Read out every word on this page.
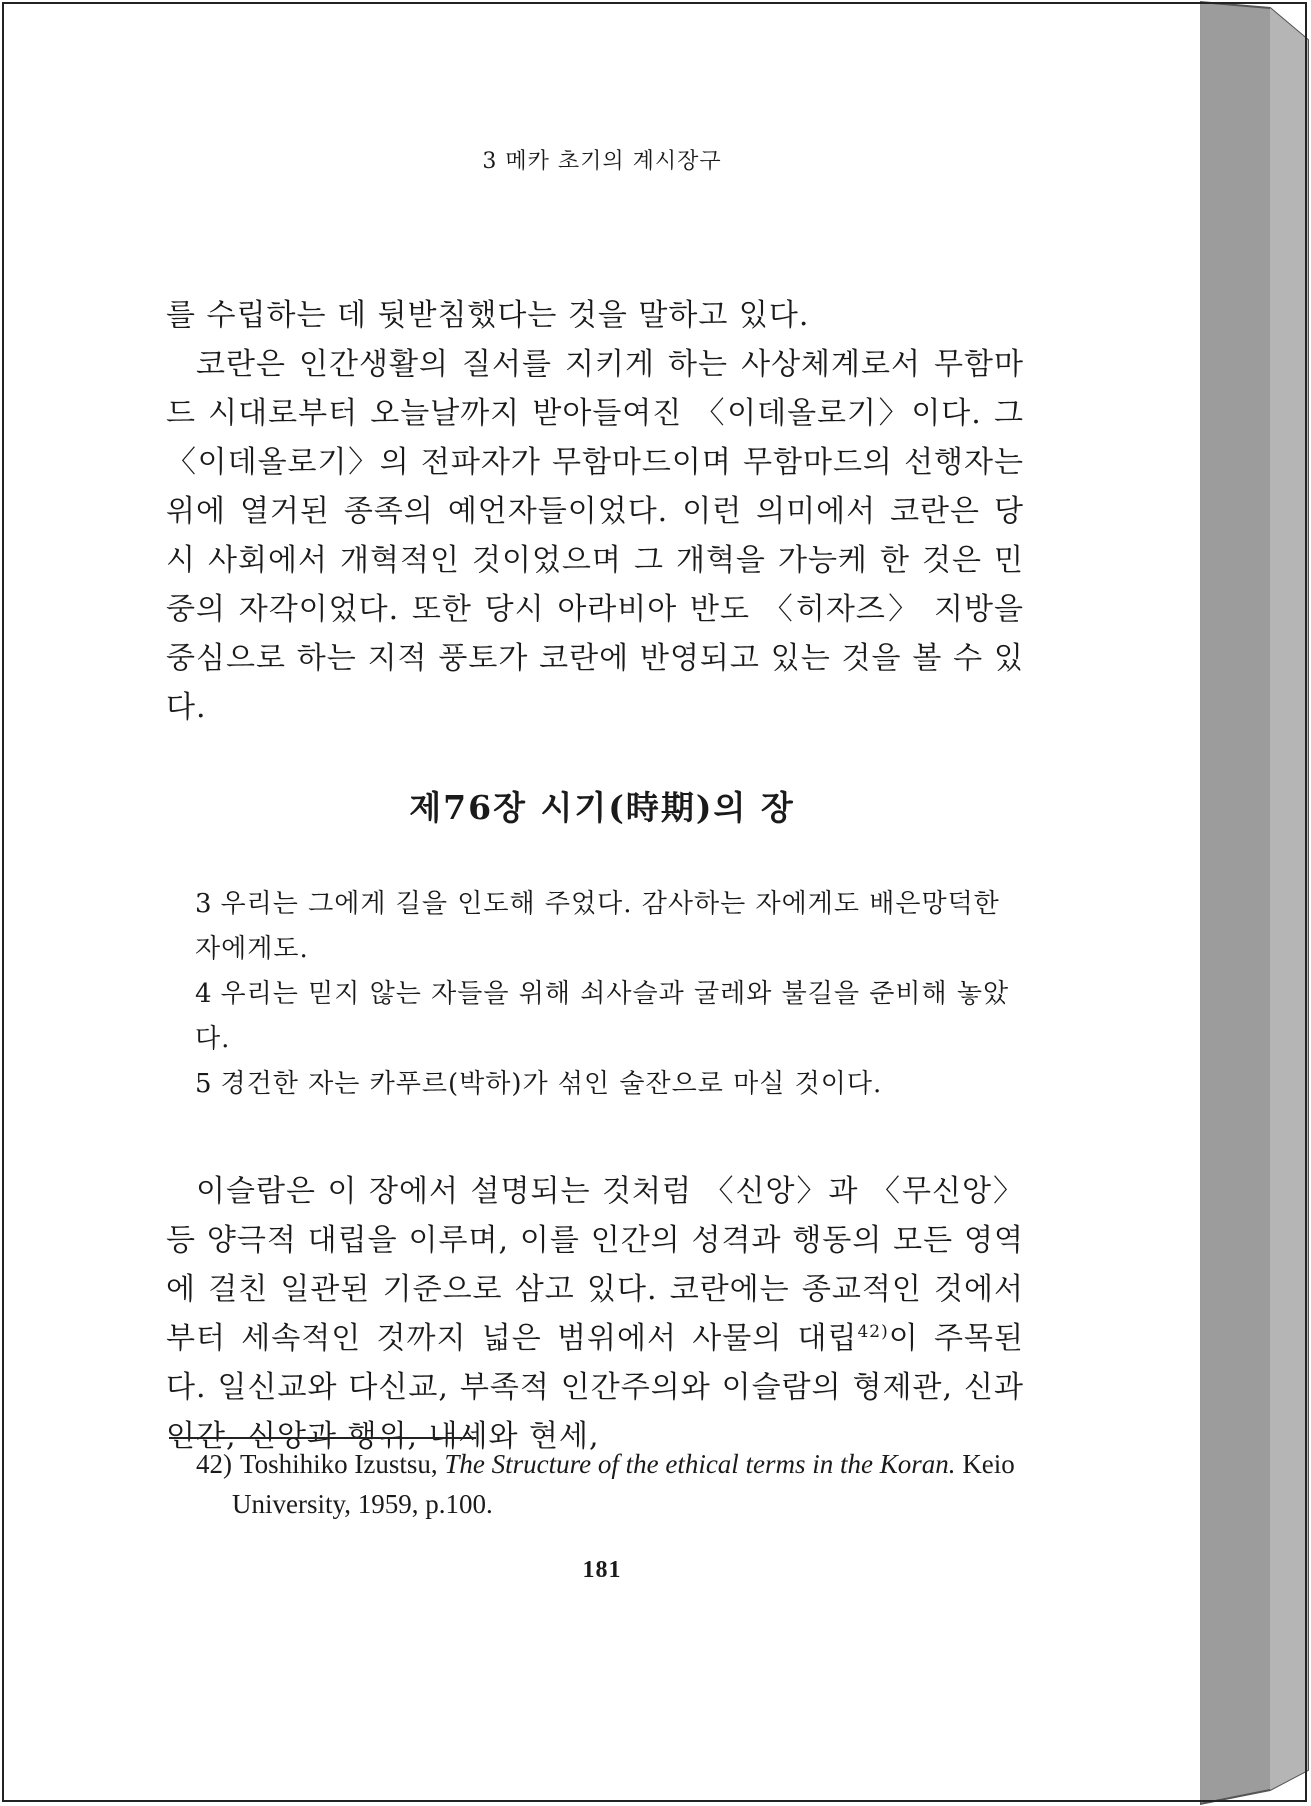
3 메카 초기의 계시장구

를 수립하는 데 뒷받침했다는 것을 말하고 있다.

코란은 인간생활의 질서를 지키게 하는 사상체계로서 무함마드 시대로부터 오늘날까지 받아들여진 〈이데올로기〉이다. 그 〈이데올로기〉의 전파자가 무함마드이며 무함마드의 선행자는 위에 열거된 종족의 예언자들이었다. 이런 의미에서 코란은 당시 사회에서 개혁적인 것이었으며 그 개혁을 가능케 한 것은 민중의 자각이었다. 또한 당시 아라비아 반도 〈히자즈〉 지방을 중심으로 하는 지적 풍토가 코란에 반영되고 있는 것을 볼 수 있다.

제76장 시기(時期)의 장

3 우리는 그에게 길을 인도해 주었다. 감사하는 자에게도 배은망덕한 자에게도.

4 우리는 믿지 않는 자들을 위해 쇠사슬과 굴레와 불길을 준비해 놓았다.

5 경건한 자는 카푸르(박하)가 섞인 술잔으로 마실 것이다.

이슬람은 이 장에서 설명되는 것처럼 〈신앙〉과 〈무신앙〉 등 양극적 대립을 이루며, 이를 인간의 성격과 행동의 모든 영역에 걸친 일관된 기준으로 삼고 있다. 코란에는 종교적인 것에서부터 세속적인 것까지 넓은 범위에서 사물의 대립$^{42)}$이 주목된다. 일신교와 다신교, 부족적 인간주의와 이슬람의 형제관, 신과 인간, 신앙과 행위, 내세와 현세,

42) Toshihiko Izustsu, The Structure of the ethical terms in the Koran. Keio
University, 1959, p.100.
181
